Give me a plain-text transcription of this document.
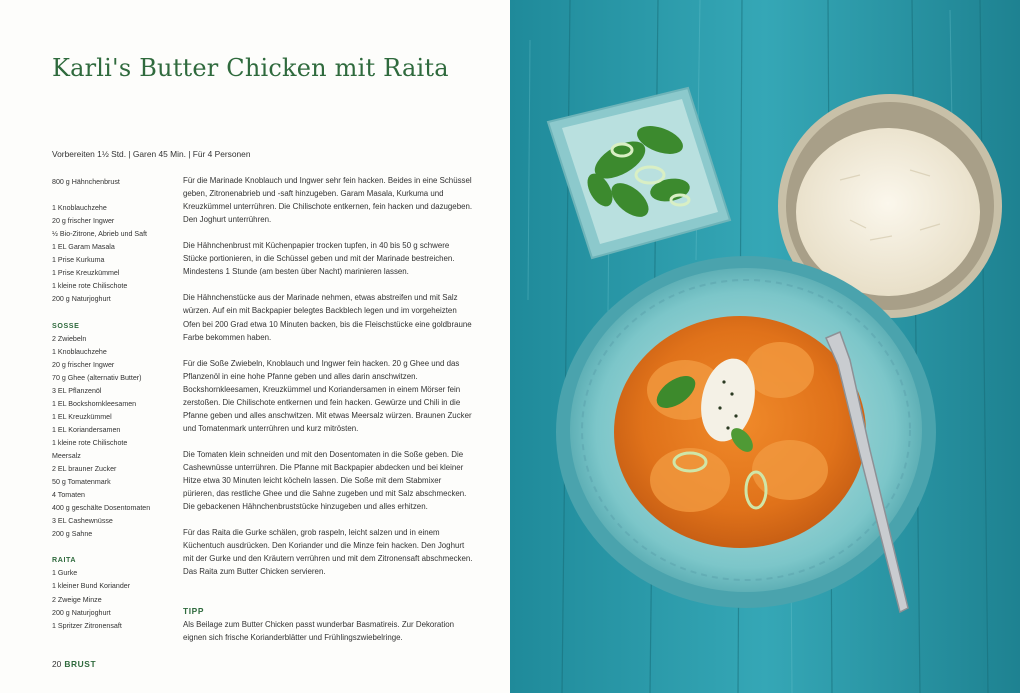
Karli's Butter Chicken mit Raita
Vorbereiten 1½ Std. | Garen 45 Min. | Für 4 Personen
800 g Hähnchenbrust
1 Knoblauchzehe
20 g frischer Ingwer
½ Bio-Zitrone, Abrieb und Saft
1 EL Garam Masala
1 Prise Kurkuma
1 Prise Kreuzkümmel
1 kleine rote Chilischote
200 g Naturjoghurt
SOSSE
2 Zwiebeln
1 Knoblauchzehe
20 g frischer Ingwer
70 g Ghee (alternativ Butter)
3 EL Pflanzenöl
1 EL Bockshornkleesamen
1 EL Kreuzkümmel
1 EL Koriandersamen
1 kleine rote Chilischote
Meersalz
2 EL brauner Zucker
50 g Tomatenmark
4 Tomaten
400 g geschälte Dosentomaten
3 EL Cashewnüsse
200 g Sahne
RAITA
1 Gurke
1 kleiner Bund Koriander
2 Zweige Minze
200 g Naturjoghurt
1 Spritzer Zitronensaft

Für die Marinade Knoblauch und Ingwer sehr fein hacken. Beides in eine Schüssel geben, Zitronenabrieb und -saft hinzugeben. Garam Masala, Kurkuma und Kreuzkümmel unterrühren. Die Chilischote entkernen, fein hacken und dazugeben. Den Joghurt unterrühren.

Die Hähnchenbrust mit Küchenpapier trocken tupfen, in 40 bis 50 g schwere Stücke portionieren, in die Schüssel geben und mit der Marinade bestreichen. Mindestens 1 Stunde (am besten über Nacht) marinieren lassen.

Die Hähnchenstücke aus der Marinade nehmen, etwas abstreifen und mit Salz würzen. Auf ein mit Backpapier belegtes Backblech legen und im vorgeheizten Ofen bei 200 Grad etwa 10 Minuten backen, bis die Fleischstücke eine goldbraune Farbe bekommen haben.

Für die Soße Zwiebeln, Knoblauch und Ingwer fein hacken. 20 g Ghee und das Pflanzenöl in eine hohe Pfanne geben und alles darin anschwitzen. Bockshornkleesamen, Kreuzkümmel und Koriandersamen in einem Mörser fein zerstoßen. Die Chilischote entkernen und fein hacken. Gewürze und Chili in die Pfanne geben und alles anschwitzen. Mit etwas Meersalz würzen. Braunen Zucker und Tomatenmark unterrühren und kurz mitrösten.

Die Tomaten klein schneiden und mit den Dosentomaten in die Soße geben. Die Cashewnüsse unterrühren. Die Pfanne mit Backpapier abdecken und bei kleiner Hitze etwa 30 Minuten leicht köcheln lassen. Die Soße mit dem Stabmixer pürieren, das restliche Ghee und die Sahne zugeben und mit Salz abschmecken. Die gebackenen Hähnchenbruststücke hinzugeben und alles erhitzen.

Für das Raita die Gurke schälen, grob raspeln, leicht salzen und in einem Küchentuch ausdrücken. Den Koriander und die Minze fein hacken. Den Joghurt mit der Gurke und den Kräutern verrühren und mit dem Zitronensaft abschmecken. Das Raita zum Butter Chicken servieren.

TIPP
Als Beilage zum Butter Chicken passt wunderbar Basmatireis. Zur Dekoration eignen sich frische Korianderblätter und Frühlingszwiebelringe.
20 BRUST
